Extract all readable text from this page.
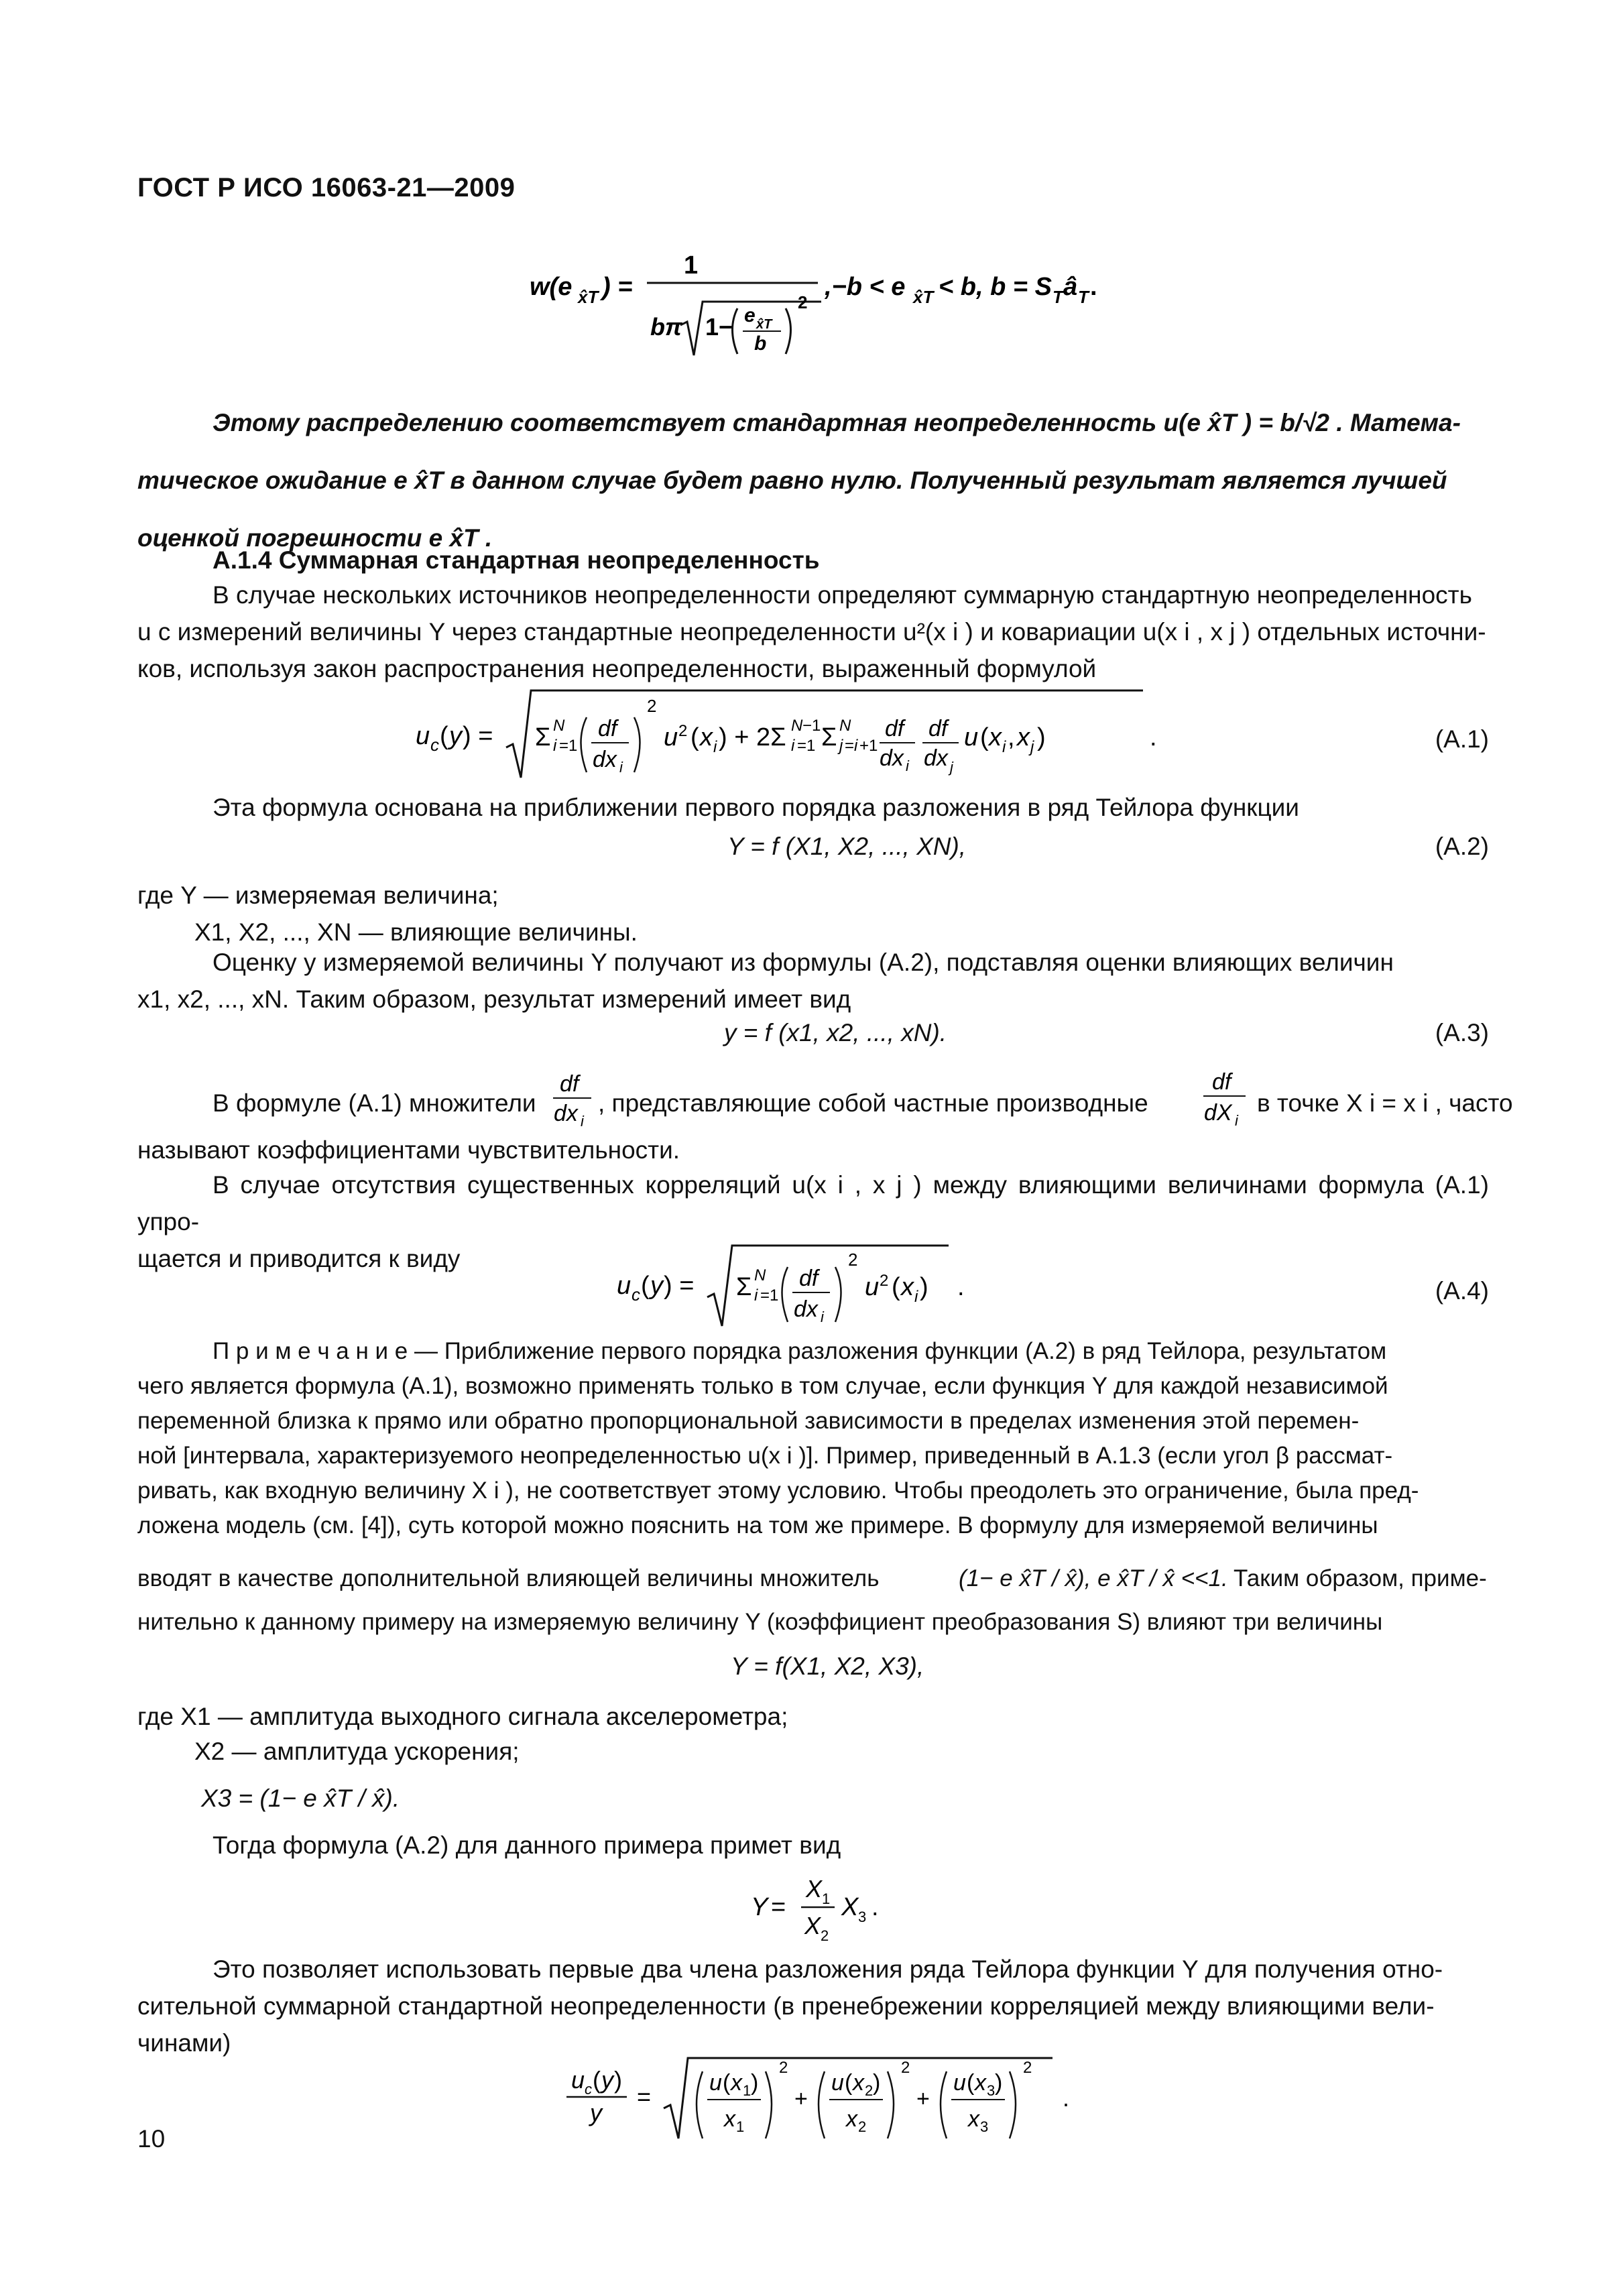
ГОСТ Р ИСО 16063-21—2009
w(e x̂T ) =
1
bπ 1− e x̂T
b
2
,−b < e x̂T < b, b = S T â T .
Этому распределению соответствует стандартная неопределенность u(e x̂T ) = b/√2 . Матема-
тическое ожидание e x̂T в данном случае будет равно нулю. Полученный результат является лучшей
оценкой погрешности e x̂T .
А.1.4 Суммарная стандартная неопределенность
В случае нескольких источников неопределенности определяют суммарную стандартную неопределенность
u c измерений величины Y через стандартные неопределенности u²(x i ) и ковариации u(x i , x j ) отдельных источни-
ков, используя закон распространения неопределенности, выраженный формулой
u c ( y ) = Σ N
i =1
df
dx i
2
u 2 ( x i ) + 2Σ N −1
i =1 Σ N
j = i +1
df
dx i
df
dx j
u ( x i , x j )	.	(А.1)
Эта формула основана на приближении первого порядка разложения в ряд Тейлора функции
Y = f (X1, X2, ..., XN),	(А.2)
где Y — измеряемая величина;
X1, X2, ..., XN — влияющие величины.
Оценку y измеряемой величины Y получают из формулы (А.2), подставляя оценки влияющих величин
x1, x2, ..., xN. Таким образом, результат измерений имеет вид
y = f (x1, x2, ..., xN).	(А.3)
В формуле (А.1) множители
df
dx i
, представляющие собой частные производные
df
dX i
в точке X i = x i , часто
называют коэффициентами чувствительности.
В случае отсутствия существенных корреляций u(x i , x j ) между влияющими величинами формула (А.1) упро-
щается и приводится к виду
u c ( y ) = Σ N
i =1
df
dx i
2
u 2 ( x i ) .	(А.4)
П р и м е ч а н и е — Приближение первого порядка разложения функции (А.2) в ряд Тейлора, результатом
чего является формула (А.1), возможно применять только в том случае, если функция Y для каждой независимой
переменной близка к прямо или обратно пропорциональной зависимости в пределах изменения этой перемен-
ной [интервала, характеризуемого неопределенностью u(x i )]. Пример, приведенный в А.1.3 (если угол β рассмат-
ривать, как входную величину X i ), не соответствует этому условию. Чтобы преодолеть это ограничение, была пред-
ложена модель (см. [4]), суть которой можно пояснить на том же примере. В формулу для измеряемой величины
вводят в качестве дополнительной влияющей величины множитель	(1− e x̂T / x̂), e x̂T / x̂ <<1. Таким образом, приме-
нительно к данному примеру на измеряемую величину Y (коэффициент преобразования S) влияют три величины
Y = f(X1, X2, X3),
где X1 — амплитуда выходного сигнала акселерометра;
X2 — амплитуда ускорения;
X3 = (1− e x̂T / x̂).
Тогда формула (А.2) для данного примера примет вид
Y =
X 1
X 2
X 3 .
Это позволяет использовать первые два члена разложения ряда Тейлора функции Y для получения отно-
сительной суммарной стандартной неопределенности (в пренебрежении корреляцией между влияющими вели-
чинами)
u c ( y )
y
=	u ( x 1 )
x 1
2
+
u ( x 2 )
x 2
2
+
u ( x 3 )
x 3
2
.
10
